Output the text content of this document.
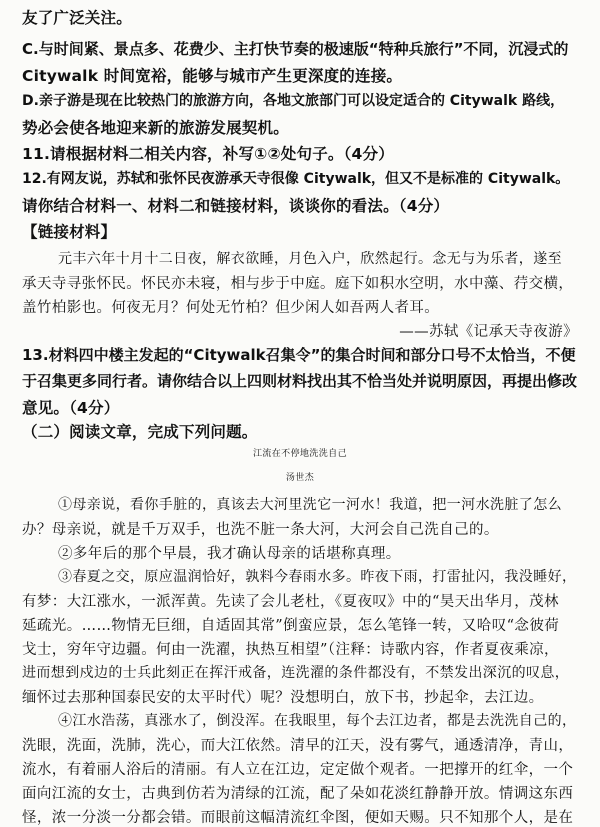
友了广泛关注。
C.与时间紧、景点多、花费少、主打快节奏的极速版“特种兵旅行”不同，沉浸式的
Citywalk 时间宽裕，能够与城市产生更深度的连接。
D.亲子游是现在比较热门的旅游方向，各地文旅部门可以设定适合的 Citywalk 路线，
势必会使各地迎来新的旅游发展契机。
11.请根据材料二相关内容，补写①②处句子。（4分）
12.有网友说，苏轼和张怀民夜游承天寺很像 Citywalk，但又不是标准的 Citywalk。
请你结合材料一、材料二和链接材料，谈谈你的看法。（4分）
【链接材料】
元丰六年十月十二日夜，解衣欲睡，月色入户，欣然起行。念无与为乐者，遂至
承天寺寻张怀民。怀民亦未寝，相与步于中庭。庭下如积水空明，水中藻、荇交横，
盖竹柏影也。何夜无月？何处无竹柏？但少闲人如吾两人者耳。
——苏轼《记承天寺夜游》
13.材料四中楼主发起的“Citywalk召集令”的集合时间和部分口号不太恰当，不便
于召集更多同行者。请你结合以上四则材料找出其不恰当处并说明原因，再提出修改
意见。（4分）
（二）阅读文章，完成下列问题。
江流在不停地洗洗自己
汤世杰
①母亲说，看你手脏的，真该去大河里洗它一河水！我道，把一河水洗脏了怎么
办？母亲说，就是千万双手，也洗不脏一条大河，大河会自己洗自己的。
②多年后的那个早晨，我才确认母亲的话堪称真理。
③春夏之交，原应温润恰好，孰料今春雨水多。昨夜下雨，打雷扯闪，我没睡好，
有梦：大江涨水，一派浑黄。先读了会儿老杜，《夏夜叹》中的“昊天出华月，茂林
延疏光。……物情无巨细，自适固其常”倒蛮应景，怎么笔锋一转，又哈叹“念彼荷
戈士，穷年守边疆。何由一洗濯，执热互相望”（注释：诗歌内容，作者夏夜乘凉，
进而想到戍边的士兵此刻正在挥汗戒备，连洗濯的条件都没有，不禁发出深沉的叹息，
缅怀过去那种国泰民安的太平时代）呢？没想明白，放下书，抄起伞，去江边。
④江水浩荡，真涨水了，倒没浑。在我眼里，每个去江边者，都是去洗洗自己的，
洗眼，洗面，洗肺，洗心，而大江依然。清早的江天，没有雾气，通透清净，青山，
流水，有着丽人浴后的清丽。有人立在江边，定定做个观者。一把撑开的红伞，一个
面向江流的女士，古典到仿若为清绿的江流，配了朵如花淡红静静开放。情调这东西
怪，浓一分淡一分都会错。而眼前这幅清流红伞图，便如天赐。只不知那个人，是在
